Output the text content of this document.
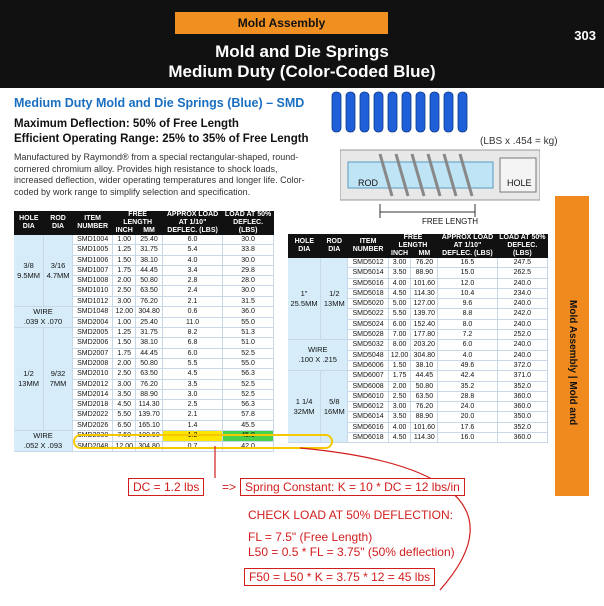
Mold Assembly
303
Mold and Die Springs
Medium Duty (Color-Coded Blue)
Medium Duty Mold and Die Springs (Blue) – SMD
Maximum Deflection: 50% of Free Length
Efficient Operating Range: 25% to 35% of Free Length
Manufactured by Raymond® from a special rectangular-shaped, round-cornered chromium alloy. Provides high resistance to shock loads, increased deflection, wider operating temperatures and longer life. Color-coded by work range to simplify selection and specification.
(LBS x .454 = kg)
ROD	HOLE
FREE LENGTH
Mold Assembly | Mold and
HOLE DIA	ROD DIA	ITEM NUMBER	FREE LENGTH		APPROX LOAD AT 1/10" DEFLEC. (LBS)	LOAD AT 50% DEFLEC. (LBS)
			INCH	MM		
3/8
9.5MM	3/16
4.7MM	SMD1004	1.00	25.40	6.0	30.0
		SMD1005	1.25	31.75	5.4	33.8
		SMD1006	1.50	38.10	4.0	30.0
		SMD1007	1.75	44.45	3.4	29.8
		SMD1008	2.00	50.80	2.8	28.0
		SMD1010	2.50	63.50	2.4	30.0
		SMD1012	3.00	76.20	2.1	31.5
WIRE
.039 X .070		SMD1048	12.00	304.80	0.6	36.0
		SMD2004	1.00	25.40	11.0	55.0
1/2
13MM	9/32
7MM	SMD2005	1.25	31.75	8.2	51.3
		SMD2006	1.50	38.10	6.8	51.0
		SMD2007	1.75	44.45	6.0	52.5
		SMD2008	2.00	50.80	5.5	55.0
		SMD2010	2.50	63.50	4.5	56.3
		SMD2012	3.00	76.20	3.5	52.5
		SMD2014	3.50	88.90	3.0	52.5
		SMD2018	4.50	114.30	2.5	56.3
		SMD2022	5.50	139.70	2.1	57.8
		SMD2026	6.50	165.10	1.4	45.5
WIRE
.052 X .093		SMD2030	7.50	190.50	1.2	45.0
		SMD2048	12.00	304.80	0.7	42.0
HOLE DIA	ROD DIA	ITEM NUMBER	FREE LENGTH		APPROX LOAD AT 1/10" DEFLEC. (LBS)	LOAD AT 50% DEFLEC. (LBS)
			INCH	MM		
1"
25.5MM	1/2
13MM	SMD5012	3.00	76.20	16.5	247.5
		SMD5014	3.50	88.90	15.0	262.5
		SMD5016	4.00	101.60	12.0	240.0
		SMD5018	4.50	114.30	10.4	234.0
		SMD5020	5.00	127.00	9.6	240.0
		SMD5022	5.50	139.70	8.8	242.0
		SMD5024	6.00	152.40	8.0	240.0
		SMD5028	7.00	177.80	7.2	252.0
WIRE
.100 X .215		SMD5032	8.00	203.20	6.0	240.0
		SMD5048	12.00	304.80	4.0	240.0
		SMD6006	1.50	38.10	49.6	372.0
1 1/4
32MM	5/8
16MM	SMD6007	1.75	44.45	42.4	371.0
		SMD6008	2.00	50.80	35.2	352.0
		SMD6010	2.50	63.50	28.8	360.0
		SMD6012	3.00	76.20	24.0	360.0
		SMD6014	3.50	88.90	20.0	350.0
		SMD6016	4.00	101.60	17.6	352.0
		SMD6018	4.50	114.30	16.0	360.0
DC = 1.2 lbs	=> Spring Constant: K = 10 * DC = 12 lbs/in
CHECK LOAD AT 50% DEFLECTION:
FL = 7.5" (Free Length)
L50 = 0.5 * FL = 3.75" (50% deflection)
F50 = L50 * K = 3.75 * 12 = 45 lbs
